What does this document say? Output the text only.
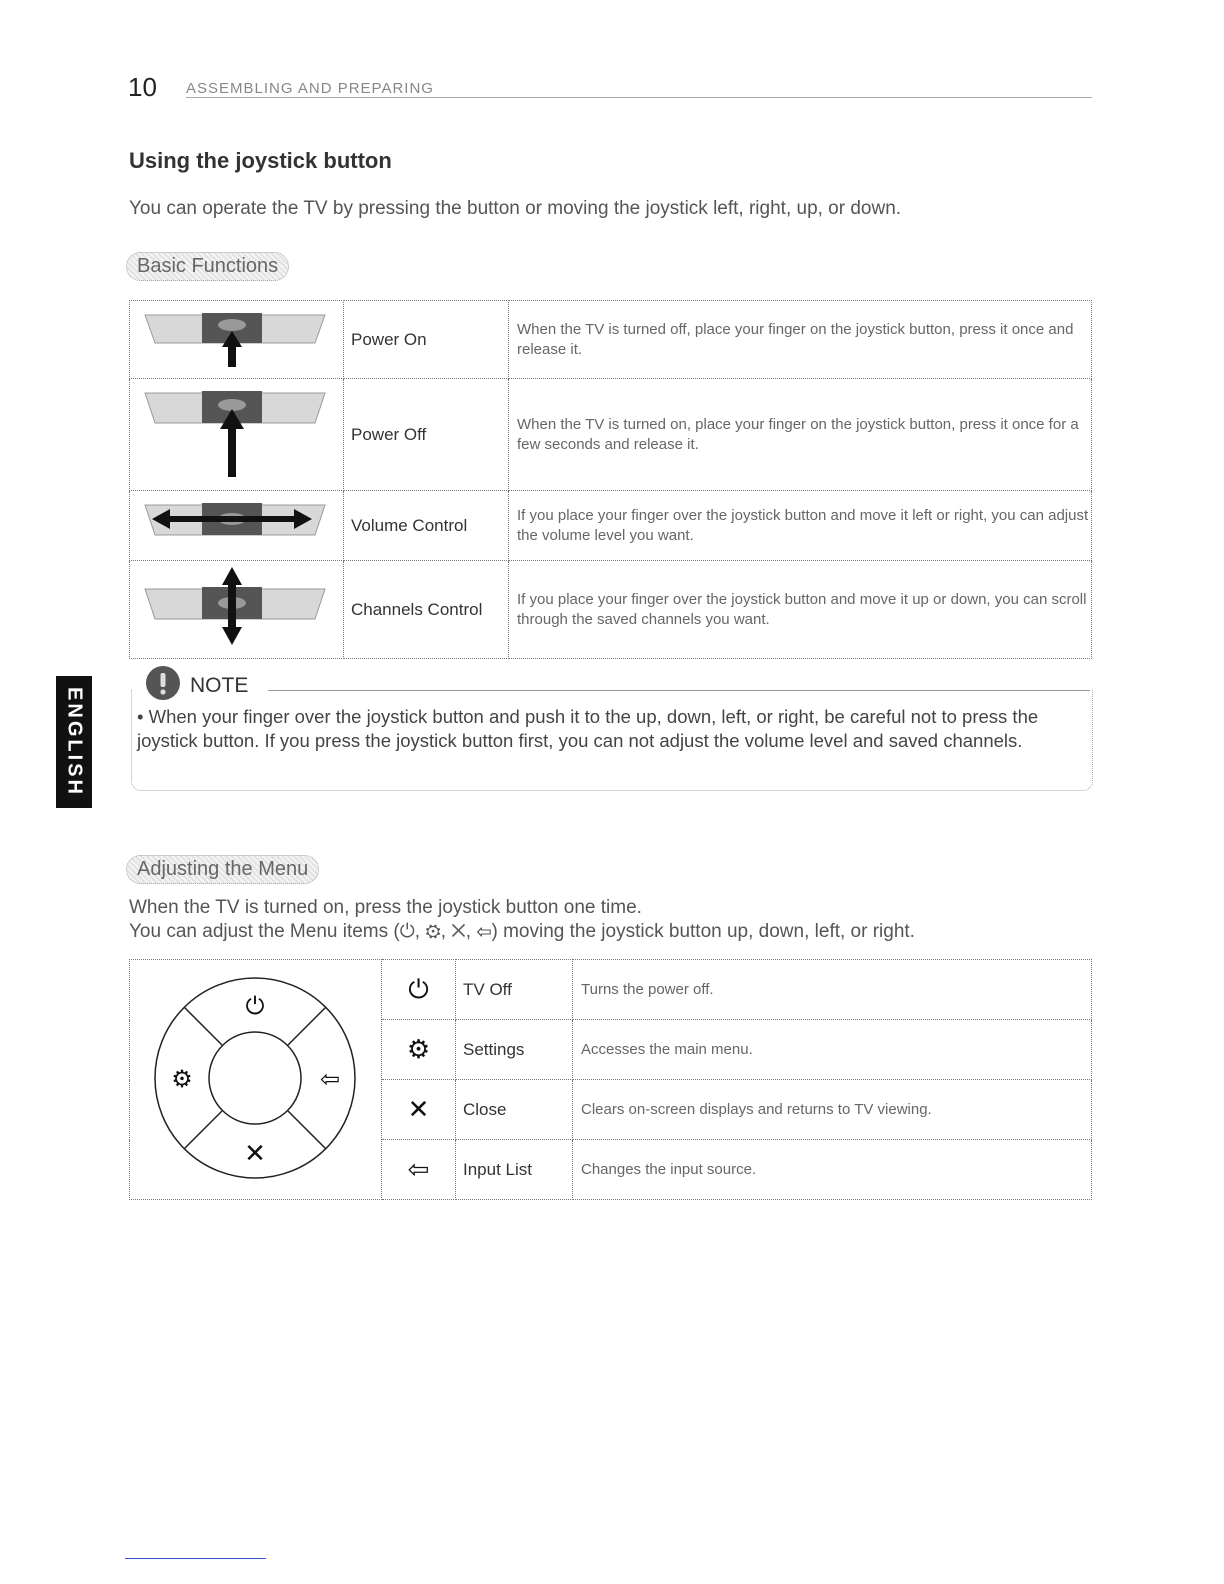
10 ASSEMBLING AND PREPARING
Using the joystick button
You can operate the TV by pressing the button or moving the joystick left, right, up, or down.
Basic Functions
	Power On	When the TV is turned off, place your finger on the joystick button, press it once and release it.
	Power Off	When the TV is turned on, place your finger on the joystick button, press it once for a few seconds and release it.
	Volume Control	If you place your finger over the joystick button and move it left or right, you can adjust the volume level you want.
	Channels Control	If you place your finger over the joystick button and move it up or down, you can scroll through the saved channels you want.
ENGLISH
NOTE
• When your finger over the joystick button and push it to the up, down, left, or right, be careful not to press the joystick button. If you press the joystick button first, you can not adjust the volume level and saved channels.
Adjusting the Menu
When the TV is turned on, press the joystick button one time.
You can adjust the Menu items (⏻, ⚙, ✕, ⇦) moving the joystick button up, down, left, or right.
⏻
⚙ ⇦
✕	⏻	TV Off	Turns the power off.
	⚙	Settings	Accesses the main menu.
	✕	Close	Clears on-screen displays and returns to TV viewing.
	⇦	Input List	Changes the input source.
